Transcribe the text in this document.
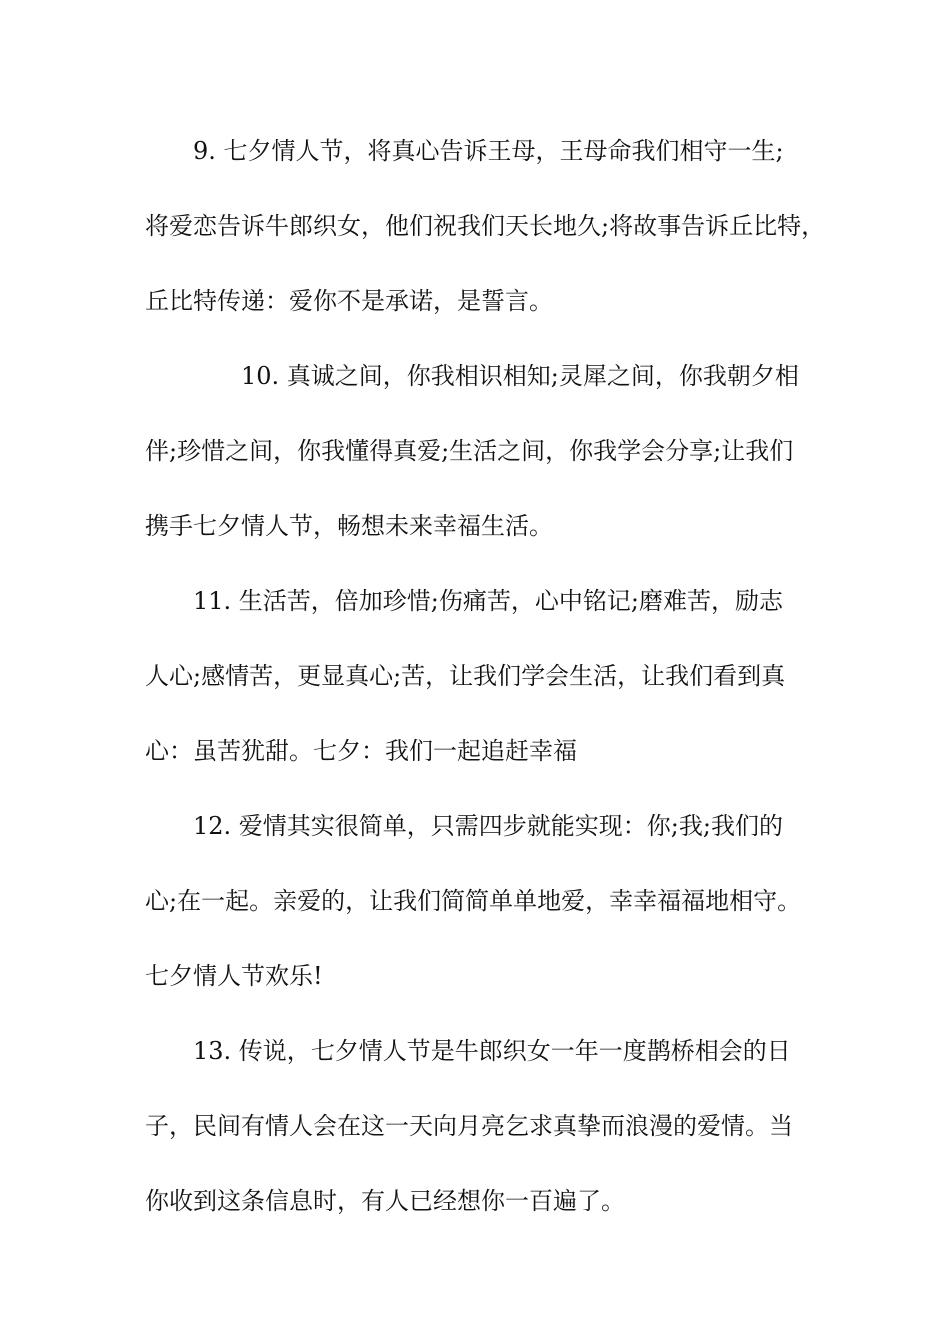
9. 七夕情人节，将真心告诉王母，王母命我们相守一生;

将爱恋告诉牛郎织女，他们祝我们天长地久;将故事告诉丘比特，

丘比特传递：爱你不是承诺，是誓言。

10. 真诚之间，你我相识相知;灵犀之间，你我朝夕相

伴;珍惜之间，你我懂得真爱;生活之间，你我学会分享;让我们

携手七夕情人节，畅想未来幸福生活。

11. 生活苦，倍加珍惜;伤痛苦，心中铭记;磨难苦，励志

人心;感情苦，更显真心;苦，让我们学会生活，让我们看到真

心：虽苦犹甜。七夕：我们一起追赶幸福

12. 爱情其实很简单，只需四步就能实现：你;我;我们的

心;在一起。亲爱的，让我们简简单单地爱，幸幸福福地相守。

七夕情人节欢乐!

13. 传说，七夕情人节是牛郎织女一年一度鹊桥相会的日

子，民间有情人会在这一天向月亮乞求真挚而浪漫的爱情。当

你收到这条信息时，有人已经想你一百遍了。
